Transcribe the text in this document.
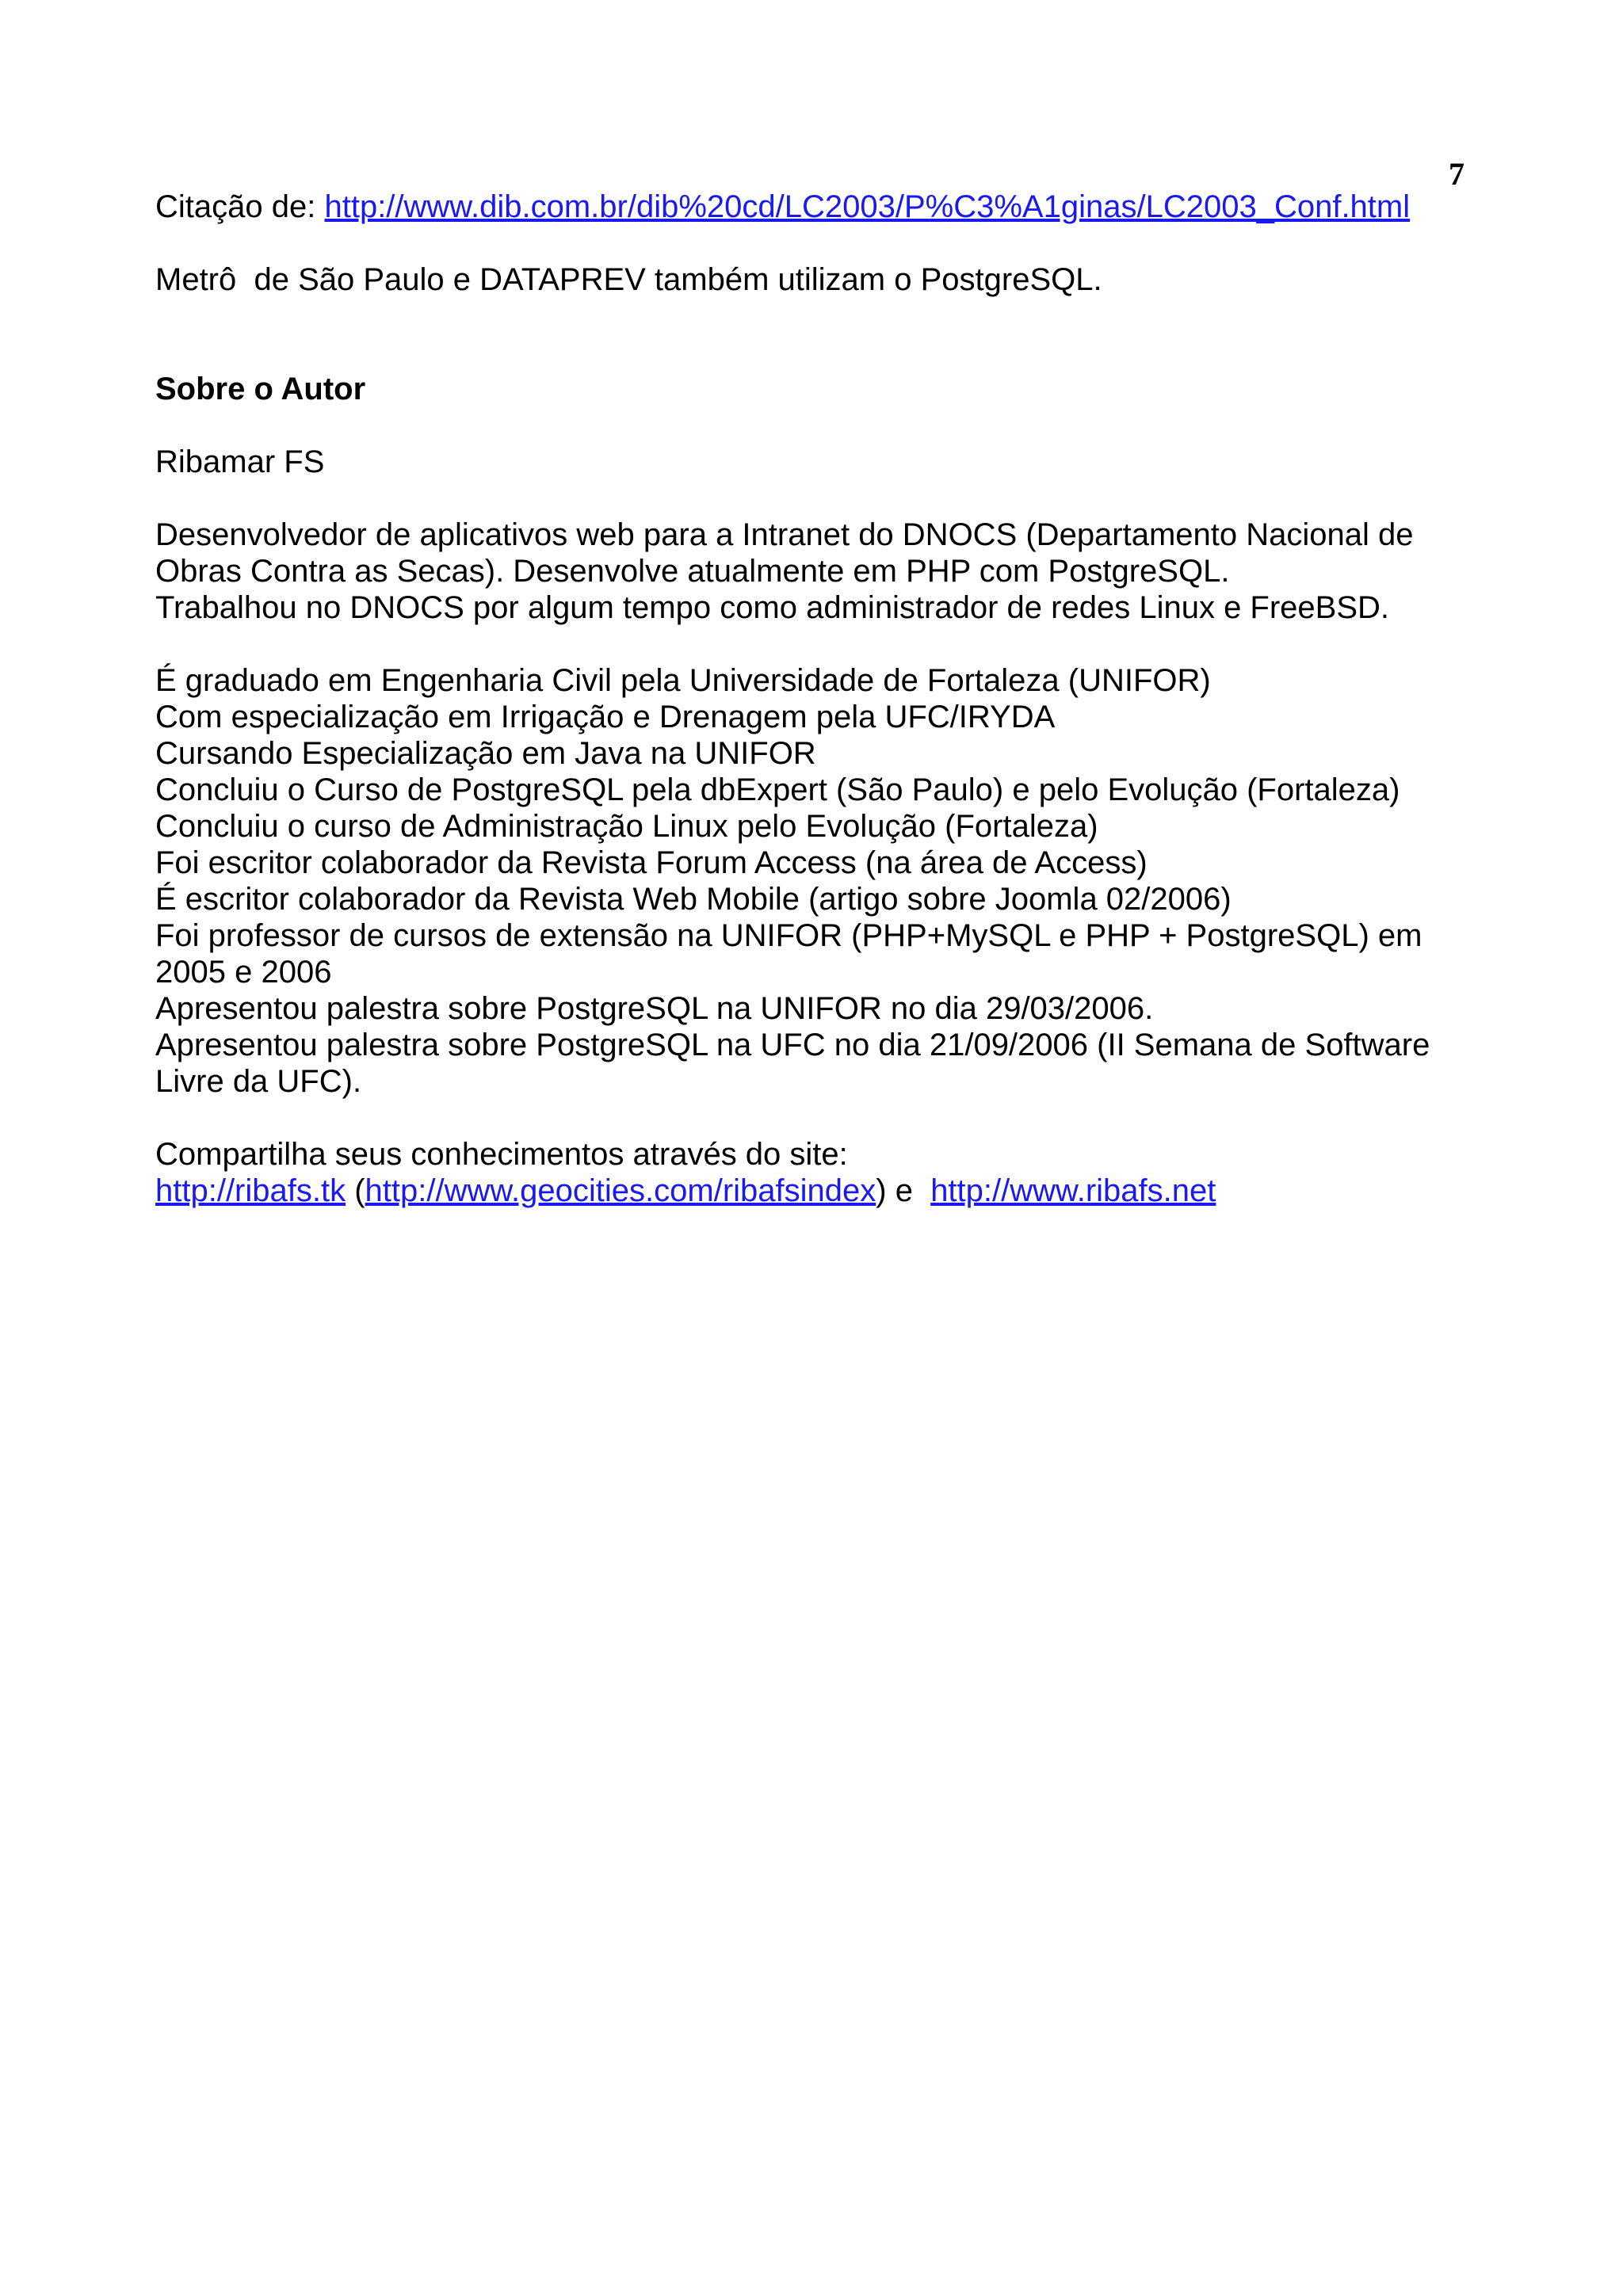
7
Citação de: http://www.dib.com.br/dib%20cd/LC2003/P%C3%A1ginas/LC2003_Conf.html
Metrô  de São Paulo e DATAPREV também utilizam o PostgreSQL.
Sobre o Autor
Ribamar FS
Desenvolvedor de aplicativos web para a Intranet do DNOCS (Departamento Nacional de
Obras Contra as Secas). Desenvolve atualmente em PHP com PostgreSQL.
Trabalhou no DNOCS por algum tempo como administrador de redes Linux e FreeBSD.
É graduado em Engenharia Civil pela Universidade de Fortaleza (UNIFOR)
Com especialização em Irrigação e Drenagem pela UFC/IRYDA
Cursando Especialização em Java na UNIFOR
Concluiu o Curso de PostgreSQL pela dbExpert (São Paulo) e pelo Evolução (Fortaleza)
Concluiu o curso de Administração Linux pelo Evolução (Fortaleza)
Foi escritor colaborador da Revista Forum Access (na área de Access)
É escritor colaborador da Revista Web Mobile (artigo sobre Joomla 02/2006)
Foi professor de cursos de extensão na UNIFOR (PHP+MySQL e PHP + PostgreSQL) em
2005 e 2006
Apresentou palestra sobre PostgreSQL na UNIFOR no dia 29/03/2006.
Apresentou palestra sobre PostgreSQL na UFC no dia 21/09/2006 (II Semana de Software
Livre da UFC).
Compartilha seus conhecimentos através do site:
http://ribafs.tk (http://www.geocities.com/ribafsindex) e  http://www.ribafs.net
